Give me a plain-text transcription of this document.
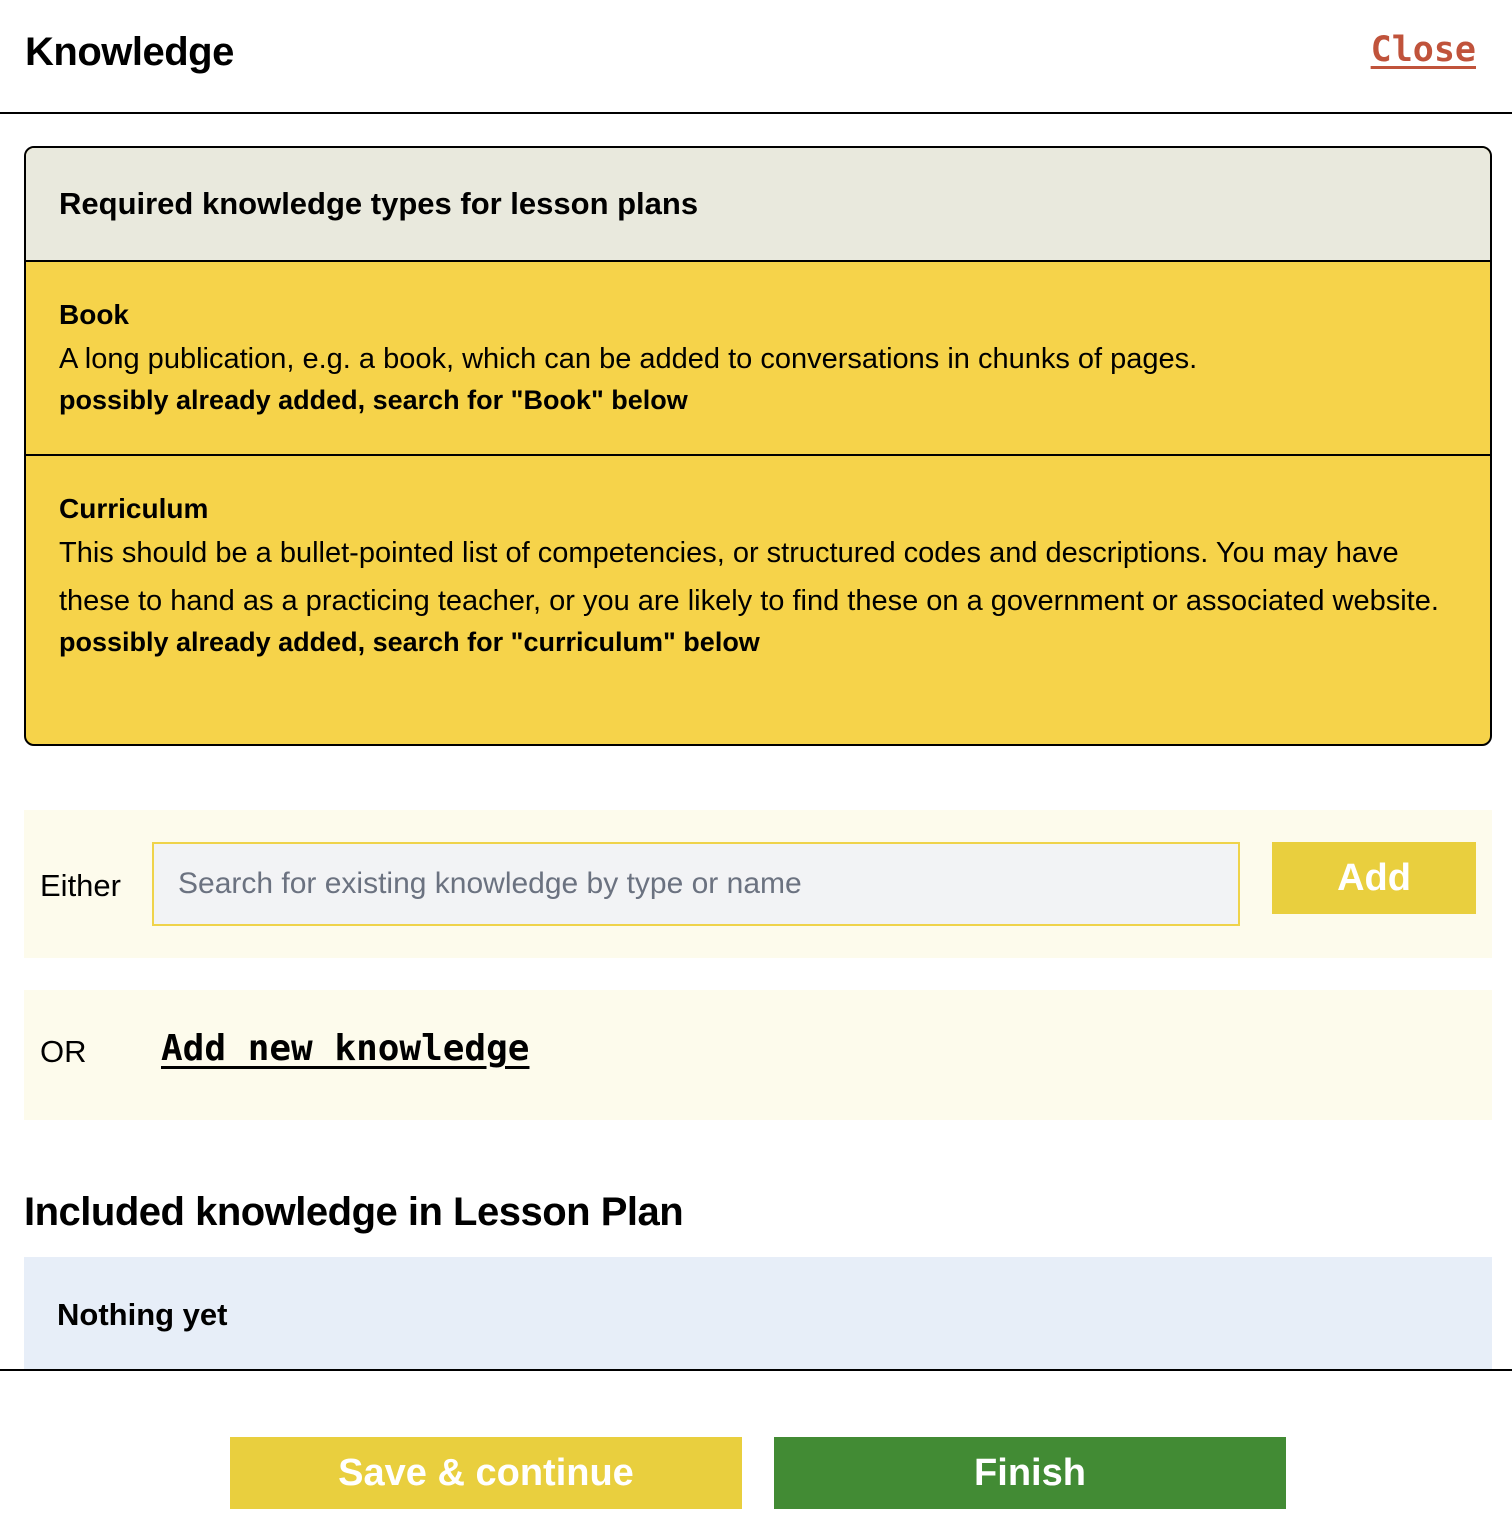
Knowledge	Close
Required knowledge types for lesson plans
Book
A long publication, e.g. a book, which can be added to conversations in chunks of pages.
possibly already added, search for "Book" below
Curriculum
This should be a bullet-pointed list of competencies, or structured codes and descriptions. You may have these to hand as a practicing teacher, or you are likely to find these on a government or associated website.
possibly already added, search for "curriculum" below
Either
Search for existing knowledge by type or name	Add
OR Add new knowledge
Included knowledge in Lesson Plan
Nothing yet
Save & continue	Finish
